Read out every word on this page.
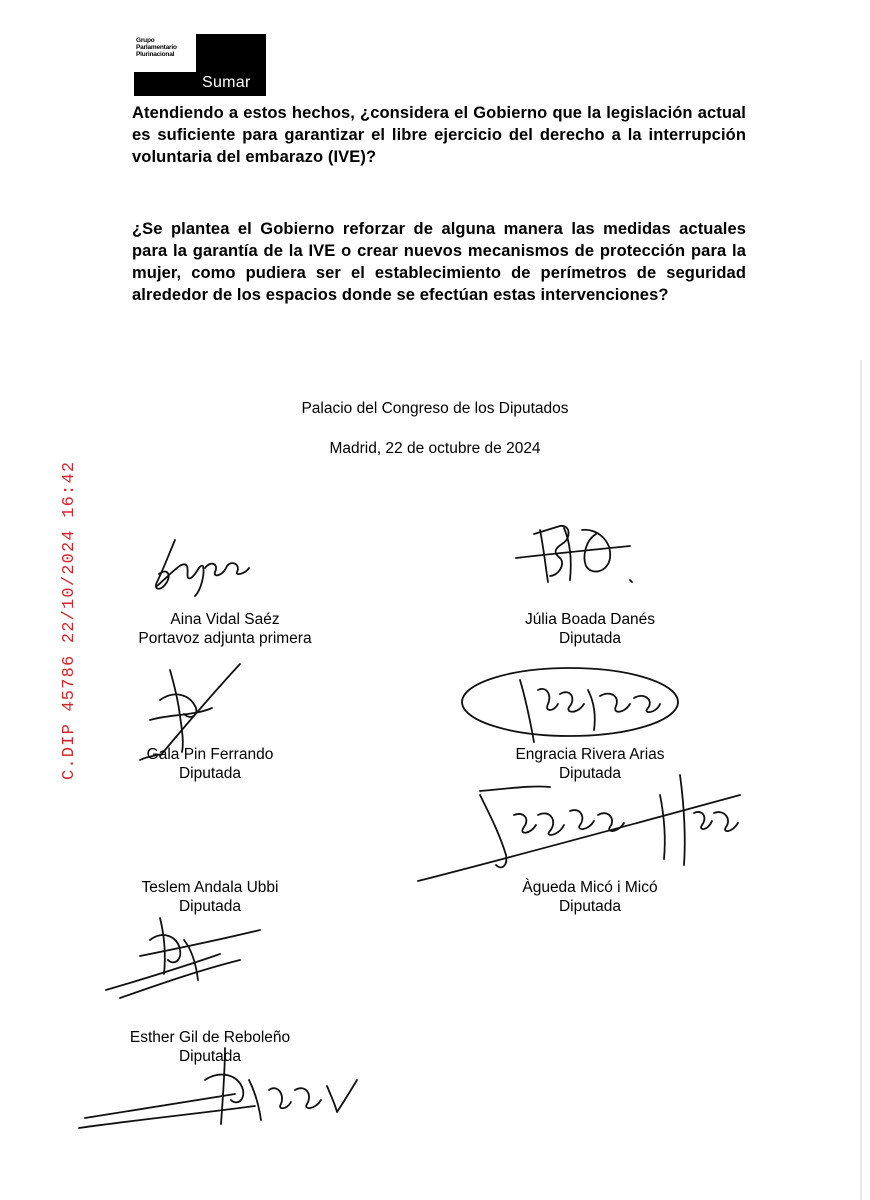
Grupo
Parlamentario
Plurinacional
Sumar

Atendiendo a estos hechos, ¿considera el Gobierno que la legislación actual es suficiente para garantizar el libre ejercicio del derecho a la interrupción voluntaria del embarazo (IVE)?

¿Se plantea el Gobierno reforzar de alguna manera las medidas actuales para la garantía de la IVE o crear nuevos mecanismos de protección para la mujer, como pudiera ser el establecimiento de perímetros de seguridad alrededor de los espacios donde se efectúan estas intervenciones?

Palacio del Congreso de los Diputados
Madrid, 22 de octubre de 2024
Aina Vidal Saéz
Portavoz adjunta primera
Júlia Boada Danés
Diputada
Gala Pin Ferrando
Diputada
Engracia Rivera Arias
Diputada
Teslem Andala Ubbi
Diputada
Àgueda Micó i Micó
Diputada
Esther Gil de Reboleño
Diputada
C.DIP 45786 22/10/2024 16:42
